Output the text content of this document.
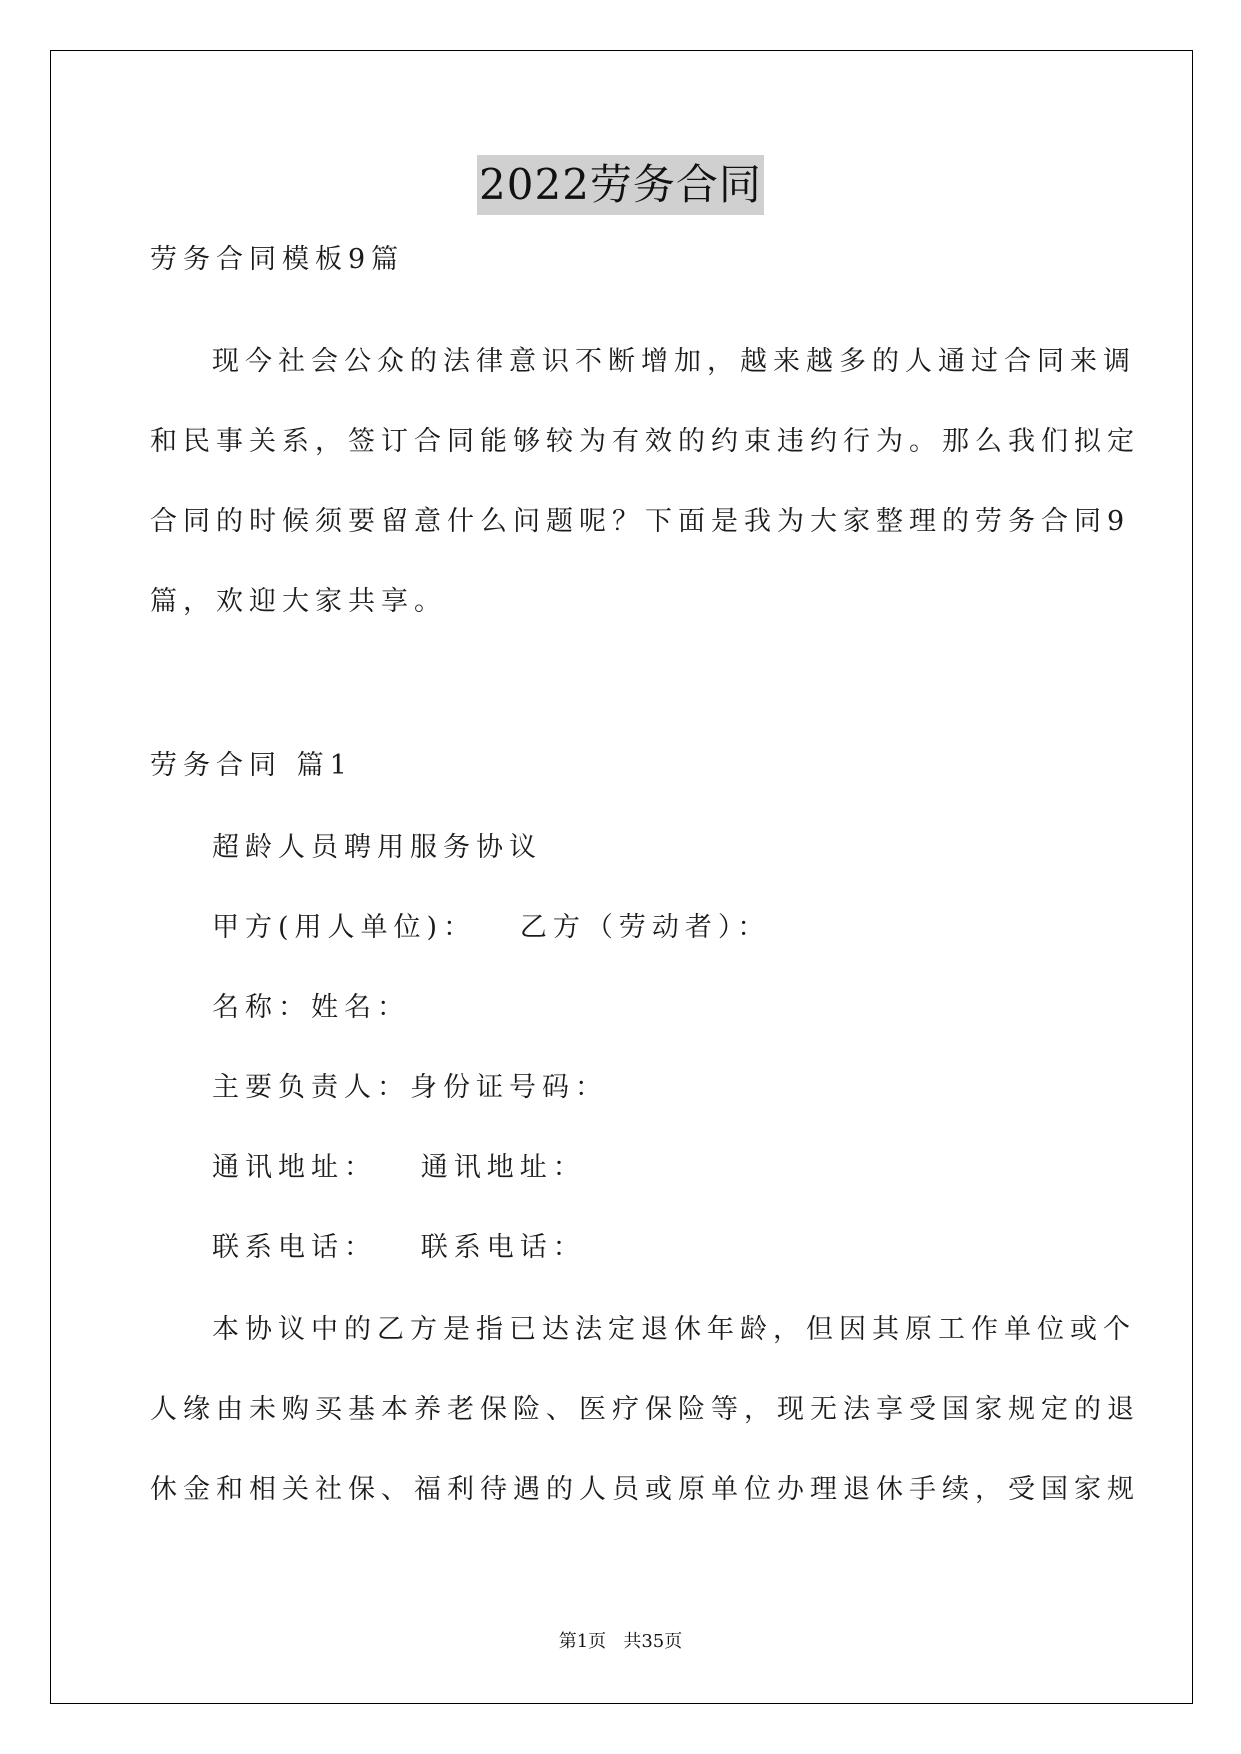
2022劳务合同
劳务合同模板9篇
现今社会公众的法律意识不断增加，越来越多的人通过合同来调
和民事关系，签订合同能够较为有效的约束违约行为。那么我们拟定
合同的时候须要留意什么问题呢？下面是我为大家整理的劳务合同9
篇，欢迎大家共享。
劳务合同 篇1
超龄人员聘用服务协议
甲方(用人单位)：   乙方（劳动者）：
名称：姓名：
主要负责人：身份证号码：
通讯地址：   通讯地址：
联系电话：   联系电话：
本协议中的乙方是指已达法定退休年龄，但因其原工作单位或个
人缘由未购买基本养老保险、医疗保险等，现无法享受国家规定的退
休金和相关社保、福利待遇的人员或原单位办理退休手续，受国家规
第1页   共35页
